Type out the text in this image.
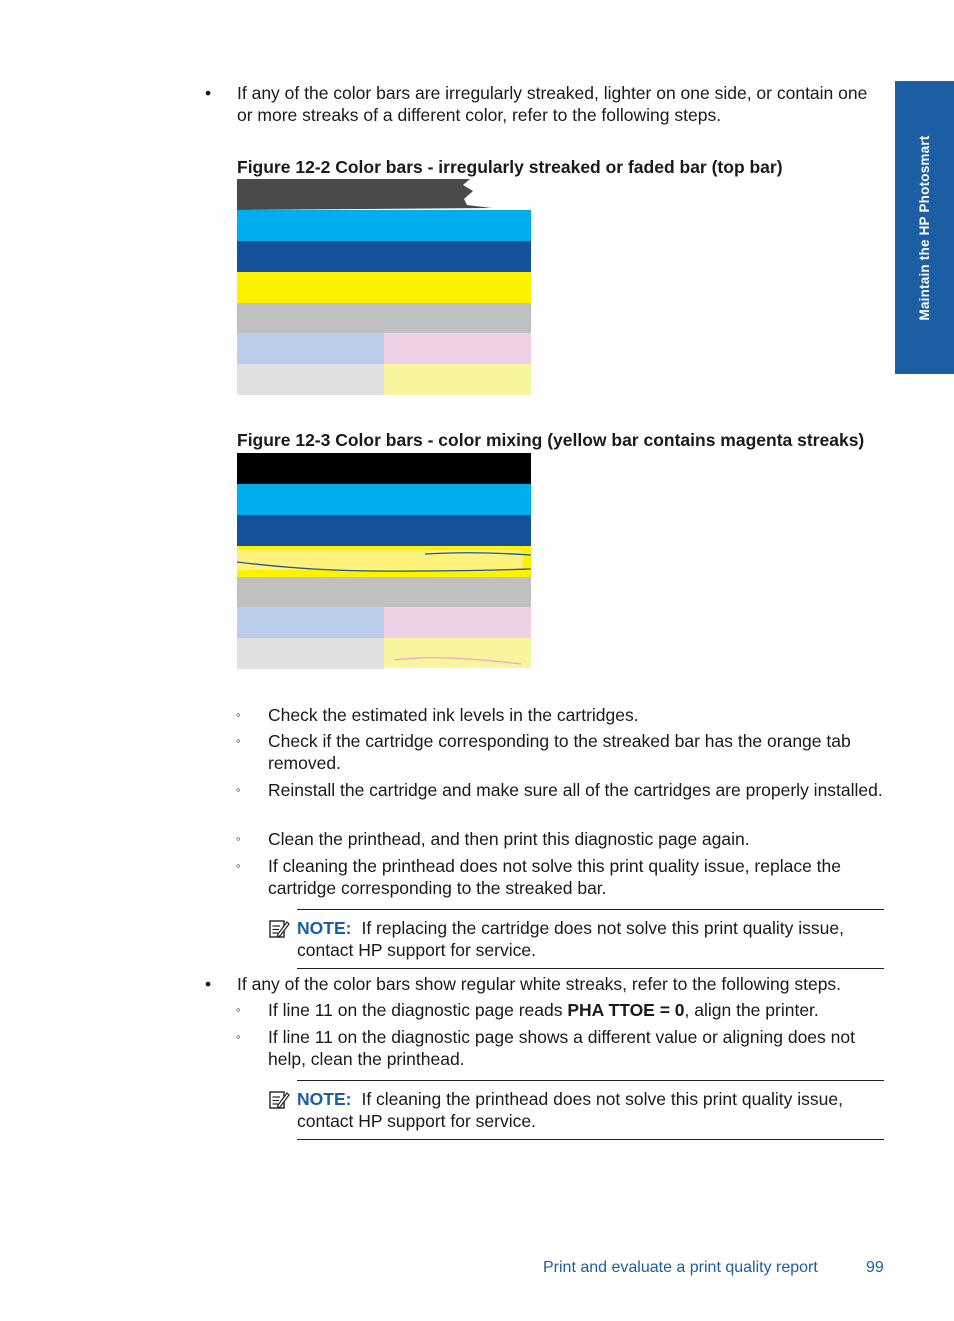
Maintain the HP Photosmart
•	If any of the color bars are irregularly streaked, lighter on one side, or contain one or more streaks of a different color, refer to the following steps.
Figure 12-2 Color bars - irregularly streaked or faded bar (top bar)
Figure 12-3 Color bars - color mixing (yellow bar contains magenta streaks)
◦	Check the estimated ink levels in the cartridges.
◦	Check if the cartridge corresponding to the streaked bar has the orange tab removed.
◦	Reinstall the cartridge and make sure all of the cartridges are properly installed.
◦	Clean the printhead, and then print this diagnostic page again.
◦	If cleaning the printhead does not solve this print quality issue, replace the cartridge corresponding to the streaked bar.
NOTE: If replacing the cartridge does not solve this print quality issue, contact HP support for service.
•	If any of the color bars show regular white streaks, refer to the following steps.
◦	If line 11 on the diagnostic page reads PHA TTOE = 0, align the printer.
◦	If line 11 on the diagnostic page shows a different value or aligning does not help, clean the printhead.
NOTE: If cleaning the printhead does not solve this print quality issue, contact HP support for service.
Print and evaluate a print quality report	99
